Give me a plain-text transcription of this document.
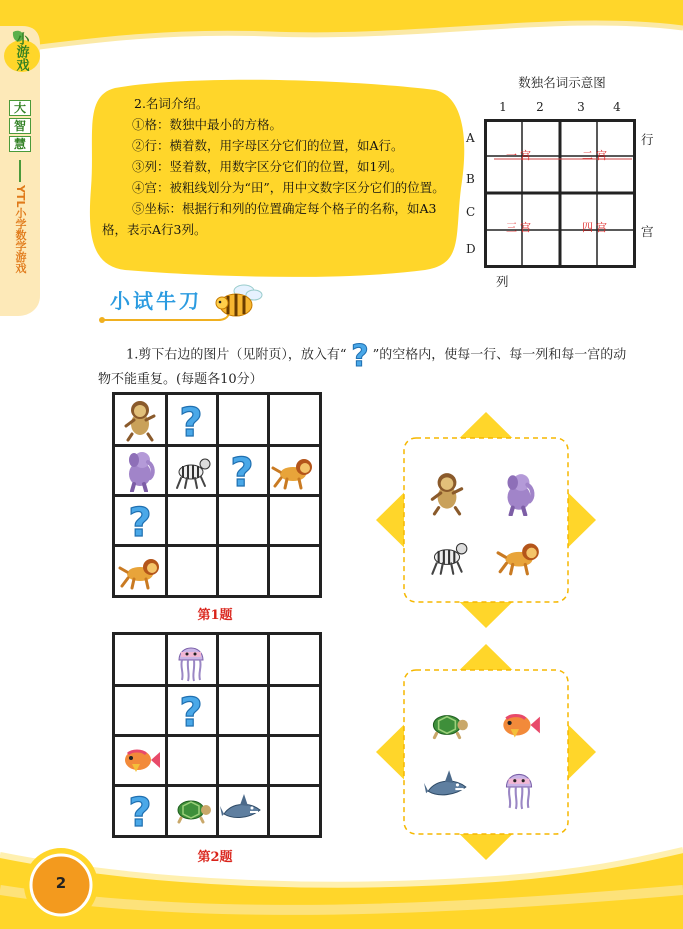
小游戏
大
智
慧
YTL小学数学游戏

2.名词介绍。

①格：数独中最小的方格。

②行：横着数，用字母区分它们的位置，如A行。

③列：竖着数，用数字区分它们的位置，如1列。

④宫：被粗线划分为“田”，用中文数字区分它们的位置。

⑤坐标：根据行和列的位置确定每个格子的名称，如A3格，表示A行3列。

数独名词示意图
1 2	3 4
A
B
C
D
一宫	二宫
三宫	四宫
行
宫
列
小试牛刀
1.剪下右边的图片（见附页），放入有“ ? ”的空格内，使每一行、每一列和每一宫的动物不能重复。(每题各10分）
?
?
?
第1题
?
?
第2题
2
